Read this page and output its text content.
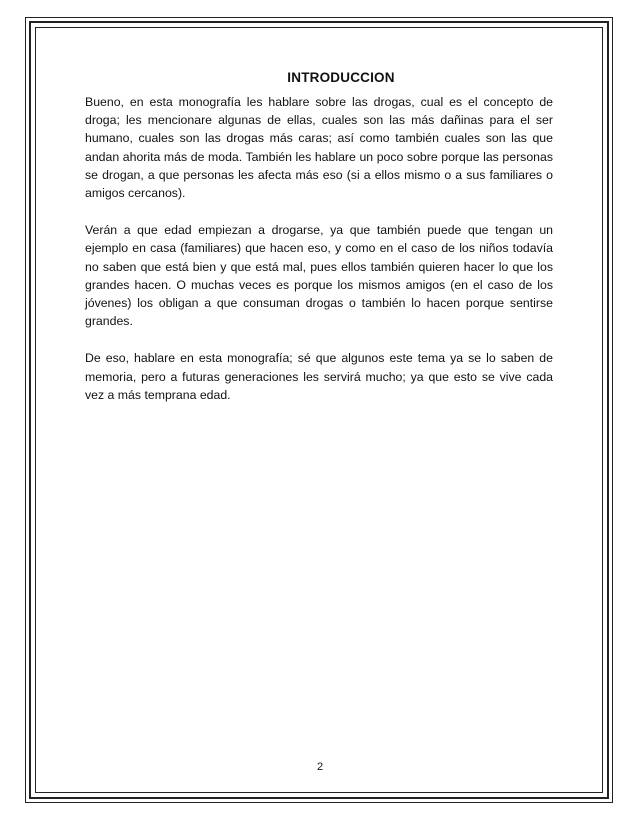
INTRODUCCION

Bueno, en esta monografía les hablare sobre las drogas, cual es el concepto de droga; les mencionare algunas de ellas, cuales son las más dañinas para el ser humano, cuales son las drogas más caras; así como también cuales son las que andan ahorita más de moda. También les hablare un poco sobre porque las personas se drogan, a que personas les afecta más eso (si a ellos mismo o a sus familiares o amigos cercanos).

Verán a que edad empiezan a drogarse, ya que también puede que tengan un ejemplo en casa (familiares) que hacen eso, y como en el caso de los niños todavía no saben que está bien y que está mal, pues ellos también quieren hacer lo que los grandes hacen. O muchas veces es porque los mismos amigos (en el caso de los jóvenes) los obligan a que consuman drogas o también lo hacen porque sentirse grandes.

De eso, hablare en esta monografía; sé que algunos este tema ya se lo saben de memoria, pero a futuras generaciones les servirá mucho; ya que esto se vive cada vez a más temprana edad.

2
